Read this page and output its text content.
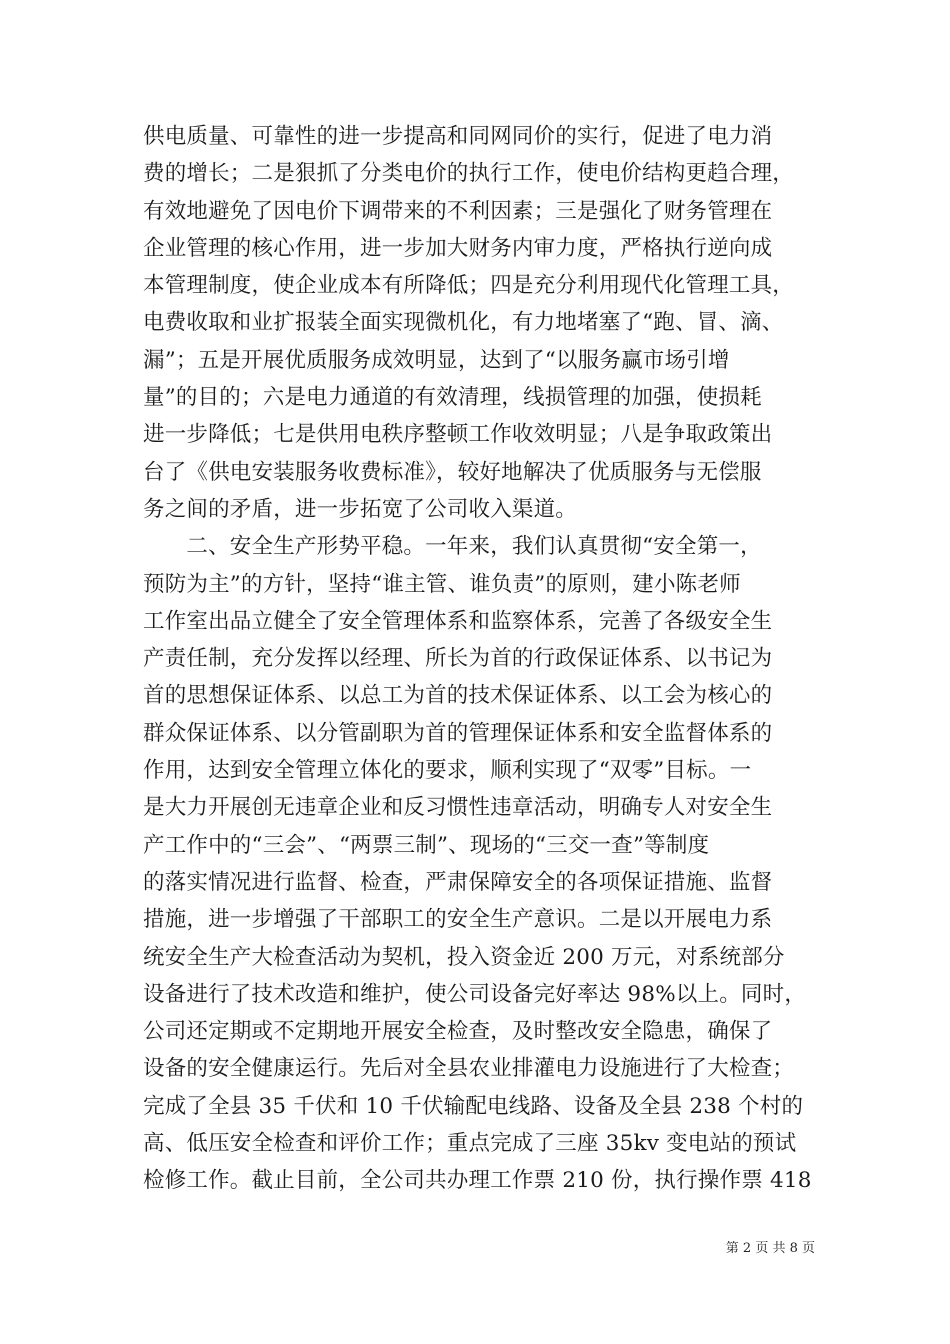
供电质量、可靠性的进一步提高和同网同价的实行，促进了电力消
费的增长；二是狠抓了分类电价的执行工作，使电价结构更趋合理，
有效地避免了因电价下调带来的不利因素；三是强化了财务管理在
企业管理的核心作用，进一步加大财务内审力度，严格执行逆向成
本管理制度，使企业成本有所降低；四是充分利用现代化管理工具，
电费收取和业扩报装全面实现微机化，有力地堵塞了“跑、冒、滴、
漏”；五是开展优质服务成效明显，达到了“以服务赢市场引增
量”的目的；六是电力通道的有效清理，线损管理的加强，使损耗
进一步降低；七是供用电秩序整顿工作收效明显；八是争取政策出
台了《供电安装服务收费标准》，较好地解决了优质服务与无偿服
务之间的矛盾，进一步拓宽了公司收入渠道。
　　二、安全生产形势平稳。一年来，我们认真贯彻“安全第一，
预防为主”的方针，坚持“谁主管、谁负责”的原则，建小陈老师
工作室出品立健全了安全管理体系和监察体系，完善了各级安全生
产责任制，充分发挥以经理、所长为首的行政保证体系、以书记为
首的思想保证体系、以总工为首的技术保证体系、以工会为核心的
群众保证体系、以分管副职为首的管理保证体系和安全监督体系的
作用，达到安全管理立体化的要求，顺利实现了“双零”目标。一
是大力开展创无违章企业和反习惯性违章活动，明确专人对安全生
产工作中的“三会”、“两票三制”、现场的“三交一查”等制度
的落实情况进行监督、检查，严肃保障安全的各项保证措施、监督
措施，进一步增强了干部职工的安全生产意识。二是以开展电力系
统安全生产大检查活动为契机，投入资金近 200 万元，对系统部分
设备进行了技术改造和维护，使公司设备完好率达 98%以上。同时，
公司还定期或不定期地开展安全检查，及时整改安全隐患，确保了
设备的安全健康运行。先后对全县农业排灌电力设施进行了大检查；
完成了全县 35 千伏和 10 千伏输配电线路、设备及全县 238 个村的
高、低压安全检查和评价工作；重点完成了三座 35kv 变电站的预试
检修工作。截止目前，全公司共办理工作票 210 份，执行操作票 418
第 2 页 共 8 页
